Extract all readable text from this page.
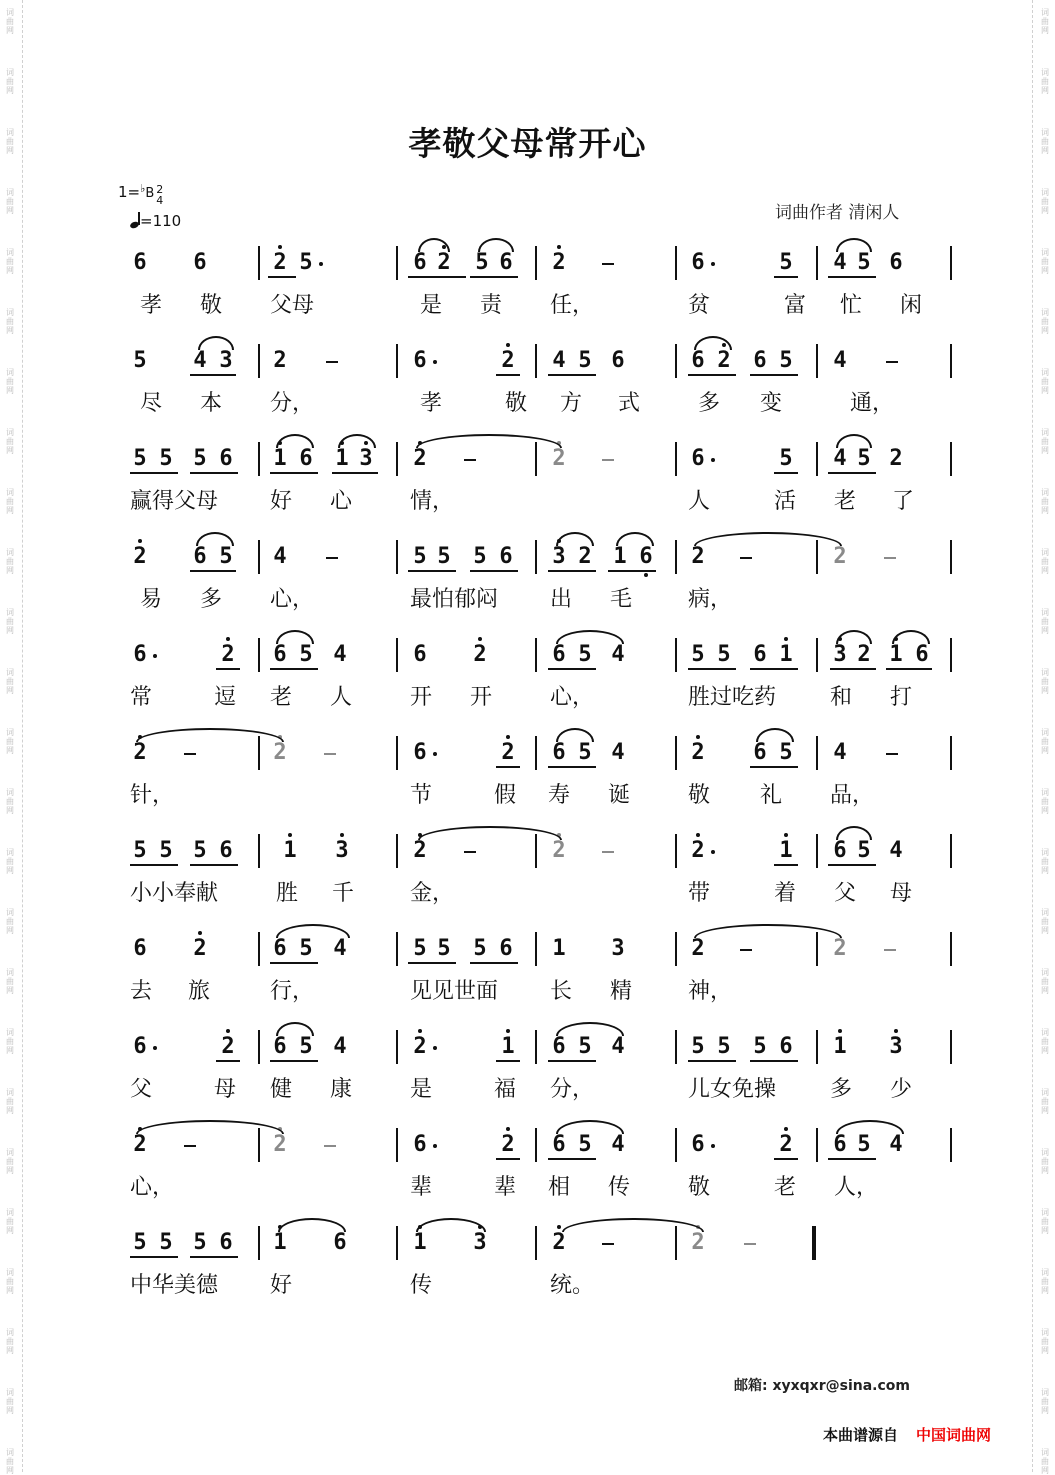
词
曲
网
词
曲
网
词
曲
网
词
曲
网
词
曲
网
词
曲
网
词
曲
网
词
曲
网
词
曲
网
词
曲
网
词
曲
网
词
曲
网
词
曲
网
词
曲
网
词
曲
网
词
曲
网
词
曲
网
词
曲
网
词
曲
网
词
曲
网
词
曲
网
词
曲
网
词
曲
网
词
曲
网
词
曲
网
词
曲
网
词
曲
网
词
曲
网
词
曲
网
词
曲
网
词
曲
网
词
曲
网
词
曲
网
词
曲
网
词
曲
网
词
曲
网
词
曲
网
词
曲
网
词
曲
网
词
曲
网
词
曲
网
词
曲
网
词
曲
网
词
曲
网
词
曲
网
词
曲
网
词
曲
网
词
曲
网
词
曲
网
词
曲
网
孝敬父母常开心
1=♭B 2
4
=110	词曲作者 清闲人
6 6	2 5	6 2 5 6 2	6	5 4 5 6
孝 敬 父母	是 责 任，	贫	富 忙 闲
5 4 3 2	6	2 4 5 6	6 2 6 5 4
尽 本 分，	孝	敬 方 式	多 变	通，
5 5 5 6 1 6 1 3 2	2	6	5 4 5 2
赢得父母 好 心	情，	人	活 老 了
2 6 5 4	5 5 5 6 3 2 1 6 2	2
易 多 心，	最怕郁闷 出 毛	病，
6	2 6 5 4	6 2	6 5 4	5 5 6 1 3 2 1 6
常	逗 老 人	开 开	心，	胜过吃药 和 打
2	2	6	2 6 5 4	2 6 5 4
针，	节	假 寿 诞	敬 礼 品，
5 5 5 6 1 3	2	2	2	1 6 5 4
小小奉献	胜 千	金，	带	着 父 母
6 2	6 5 4	5 5 5 6 1 3	2	2
去 旅	行，	见见世面 长 精	神，
6	2 6 5 4	2	1 6 5 4	5 5 5 6 1 3
父	母 健 康	是	福 分，	儿女免操 多 少
2	2	6	2 6 5 4	6	2 6 5 4
心，	辈	辈 相 传	敬	老 人，
5 5 5 6 1 6	1 3	2	2
中华美德 好	传	统。
邮箱: xyxqxr@sina.com
本曲谱源自 中国词曲网
